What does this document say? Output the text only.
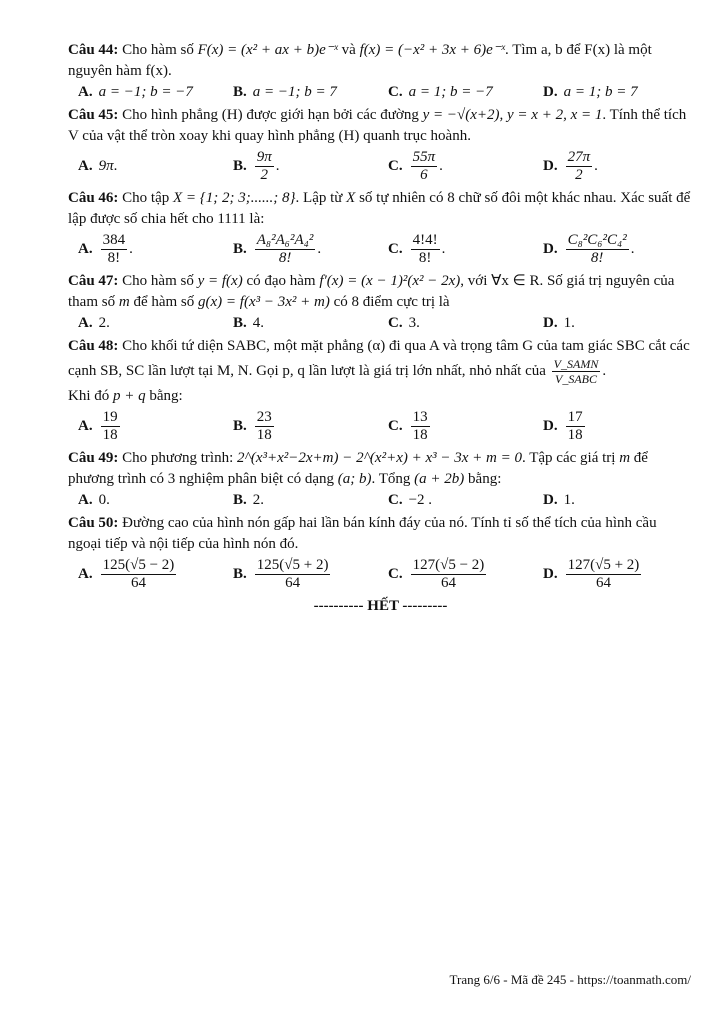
Câu 44: Cho hàm số F(x) = (x² + ax + b)e⁻ˣ và f(x) = (−x² + 3x + 6)e⁻ˣ. Tìm a, b để F(x) là một nguyên hàm f(x).
A. a = −1; b = −7	B. a = −1; b = 7	C. a = 1; b = −7	D. a = 1; b = 7
Câu 45: Cho hình phẳng (H) được giới hạn bởi các đường y = −√(x+2), y = x + 2, x = 1. Tính thể tích V của vật thể tròn xoay khi quay hình phẳng (H) quanh trục hoành.
A. 9π .	B. $\frac{9\pi}{2}$ .	C. $\frac{55\pi}{6}$ .	D. $\frac{27\pi}{2}$ .
Câu 46: Cho tập X = {1; 2; 3;......; 8}. Lập từ X số tự nhiên có 8 chữ số đôi một khác nhau. Xác suất để lập được số chia hết cho 1111 là:
A. $\frac{384}{8!}$ .	B. $\frac{\text{A₈²A₆²A₄²}}{8!}$ .	C. $\frac{4!4!}{8!}$ .	D. $\frac{\text{C₈²C₆²C₄²}}{8!}$ .
Câu 47: Cho hàm số y = f(x) có đạo hàm f′(x) = (x − 1)²(x² − 2x), với ∀x ∈ R. Số giá trị nguyên của tham số m để hàm số g(x) = f(x³ − 3x² + m) có 8 điểm cực trị là
A. 2.	B. 4.	C. 3.	D. 1.
Câu 48: Cho khối tứ diện SABC, một mặt phẳng (α) đi qua A và trọng tâm G của tam giác SBC cắt các cạnh SB, SC lần lượt tại M, N. Gọi p, q lần lượt là giá trị lớn nhất, nhỏ nhất của $\frac{\text{V\_SAMN}}{\text{V\_SABC}}$ .
Khi đó p + q bằng:
A. $\frac{19}{18}$	B. $\frac{23}{18}$	C. $\frac{13}{18}$	D. $\frac{17}{18}$
Câu 49: Cho phương trình: 2^(x³+x²−2x+m) − 2^(x²+x) + x³ − 3x + m = 0. Tập các giá trị m để phương trình có 3 nghiệm phân biệt có dạng (a; b). Tổng (a + 2b) bằng:
A. 0.	B. 2.	C. −2 .	D. 1.
Câu 50: Đường cao của hình nón gấp hai lần bán kính đáy của nó. Tính tỉ số thể tích của hình cầu ngoại tiếp và nội tiếp của hình nón đó.
A. $\frac{125(√5 - 2)}{64}$	B. $\frac{125(√5 + 2)}{64}$	C. $\frac{127(√5 - 2)}{64}$	D. $\frac{127(√5 + 2)}{64}$
---------- HẾT ---------
Trang 6/6 - Mã đề 245 - https://toanmath.com/
